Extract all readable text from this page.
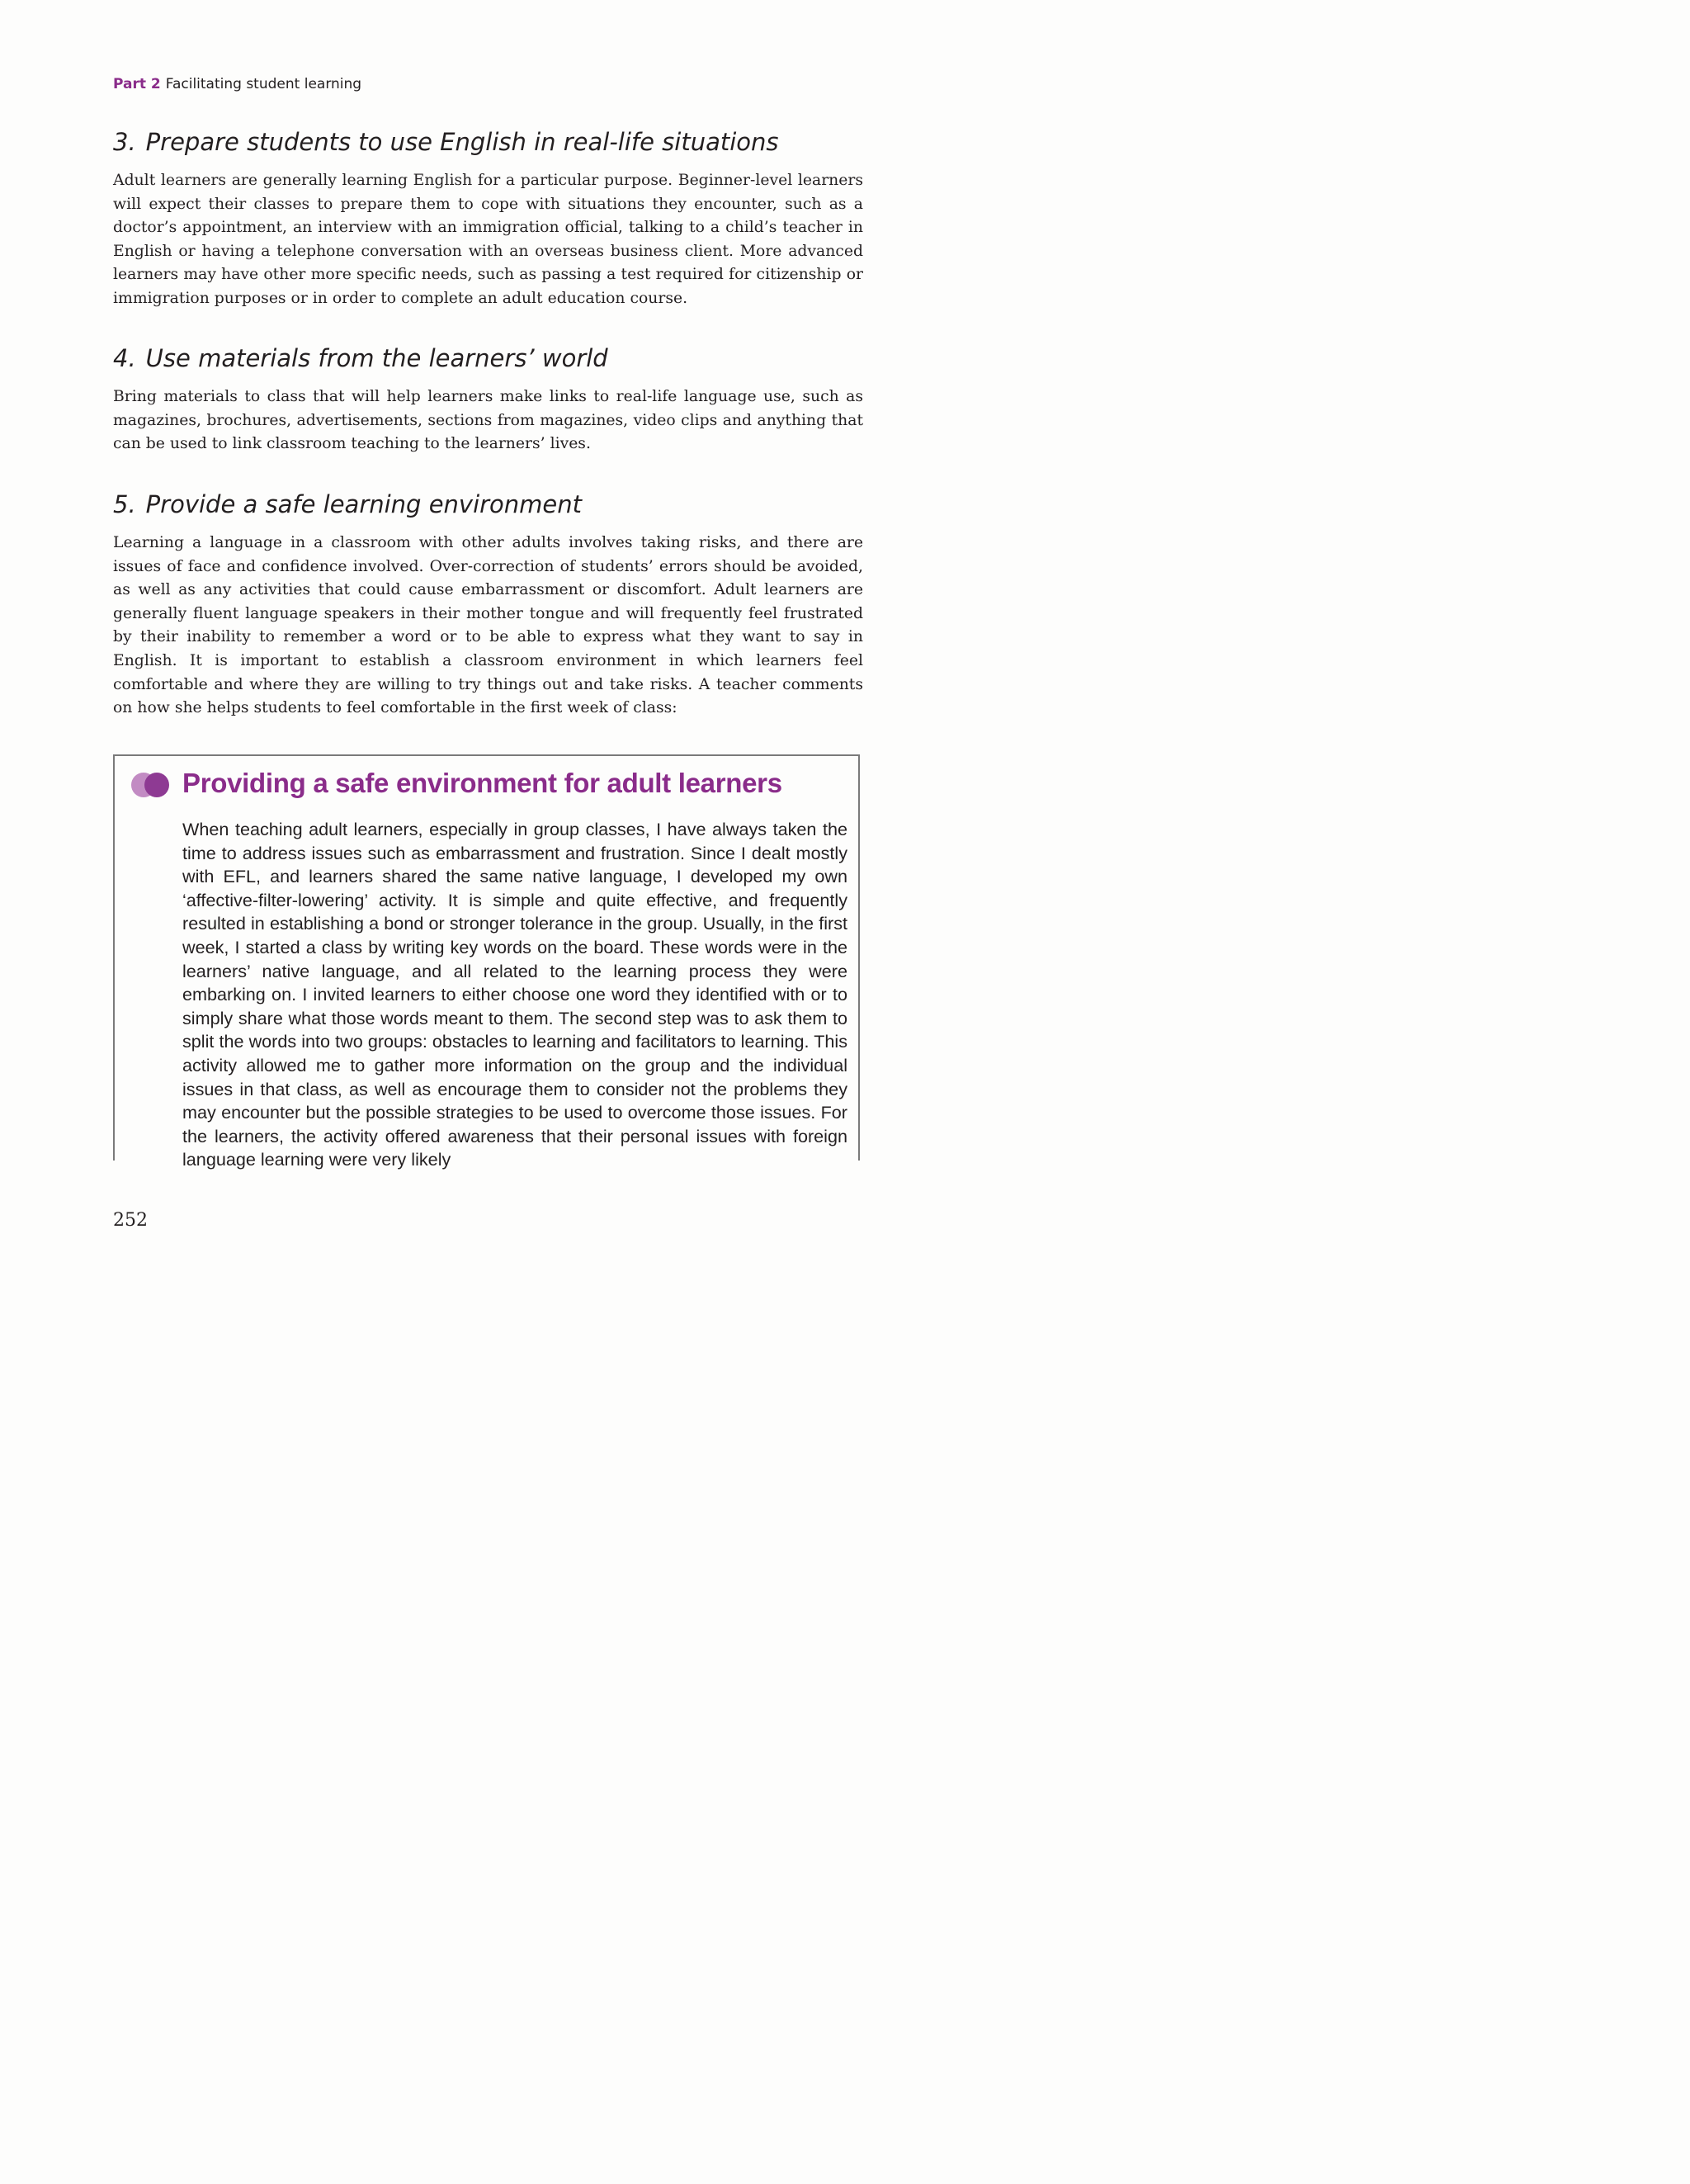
Part 2 Facilitating student learning
3. Prepare students to use English in real-life situations

Adult learners are generally learning English for a particular purpose. Beginner-level learners will expect their classes to prepare them to cope with situations they encounter, such as a doctor’s appointment, an interview with an immigration official, talking to a child’s teacher in English or having a telephone conversation with an overseas business client. More advanced learners may have other more specific needs, such as passing a test required for citizenship or immigration purposes or in order to complete an adult education course.

4. Use materials from the learners’ world

Bring materials to class that will help learners make links to real-life language use, such as magazines, brochures, advertisements, sections from magazines, video clips and anything that can be used to link classroom teaching to the learners’ lives.

5. Provide a safe learning environment

Learning a language in a classroom with other adults involves taking risks, and there are issues of face and confidence involved. Over-correction of students’ errors should be avoided, as well as any activities that could cause embarrassment or discomfort. Adult learners are generally fluent language speakers in their mother tongue and will frequently feel frustrated by their inability to remember a word or to be able to express what they want to say in English. It is important to establish a classroom environment in which learners feel comfortable and where they are willing to try things out and take risks. A teacher comments on how she helps students to feel comfortable in the first week of class:

Providing a safe environment for adult learners

When teaching adult learners, especially in group classes, I have always taken the time to address issues such as embarrassment and frustration. Since I dealt mostly with EFL, and learners shared the same native language, I developed my own ‘affective-filter-lowering’ activity. It is simple and quite effective, and frequently resulted in establishing a bond or stronger tolerance in the group. Usually, in the first week, I started a class by writing key words on the board. These words were in the learners’ native language, and all related to the learning process they were embarking on. I invited learners to either choose one word they identified with or to simply share what those words meant to them. The second step was to ask them to split the words into two groups: obstacles to learning and facilitators to learning. This activity allowed me to gather more information on the group and the individual issues in that class, as well as encourage them to consider not the problems they may encounter but the possible strategies to be used to overcome those issues. For the learners, the activity offered awareness that their personal issues with foreign language learning were very likely

252
